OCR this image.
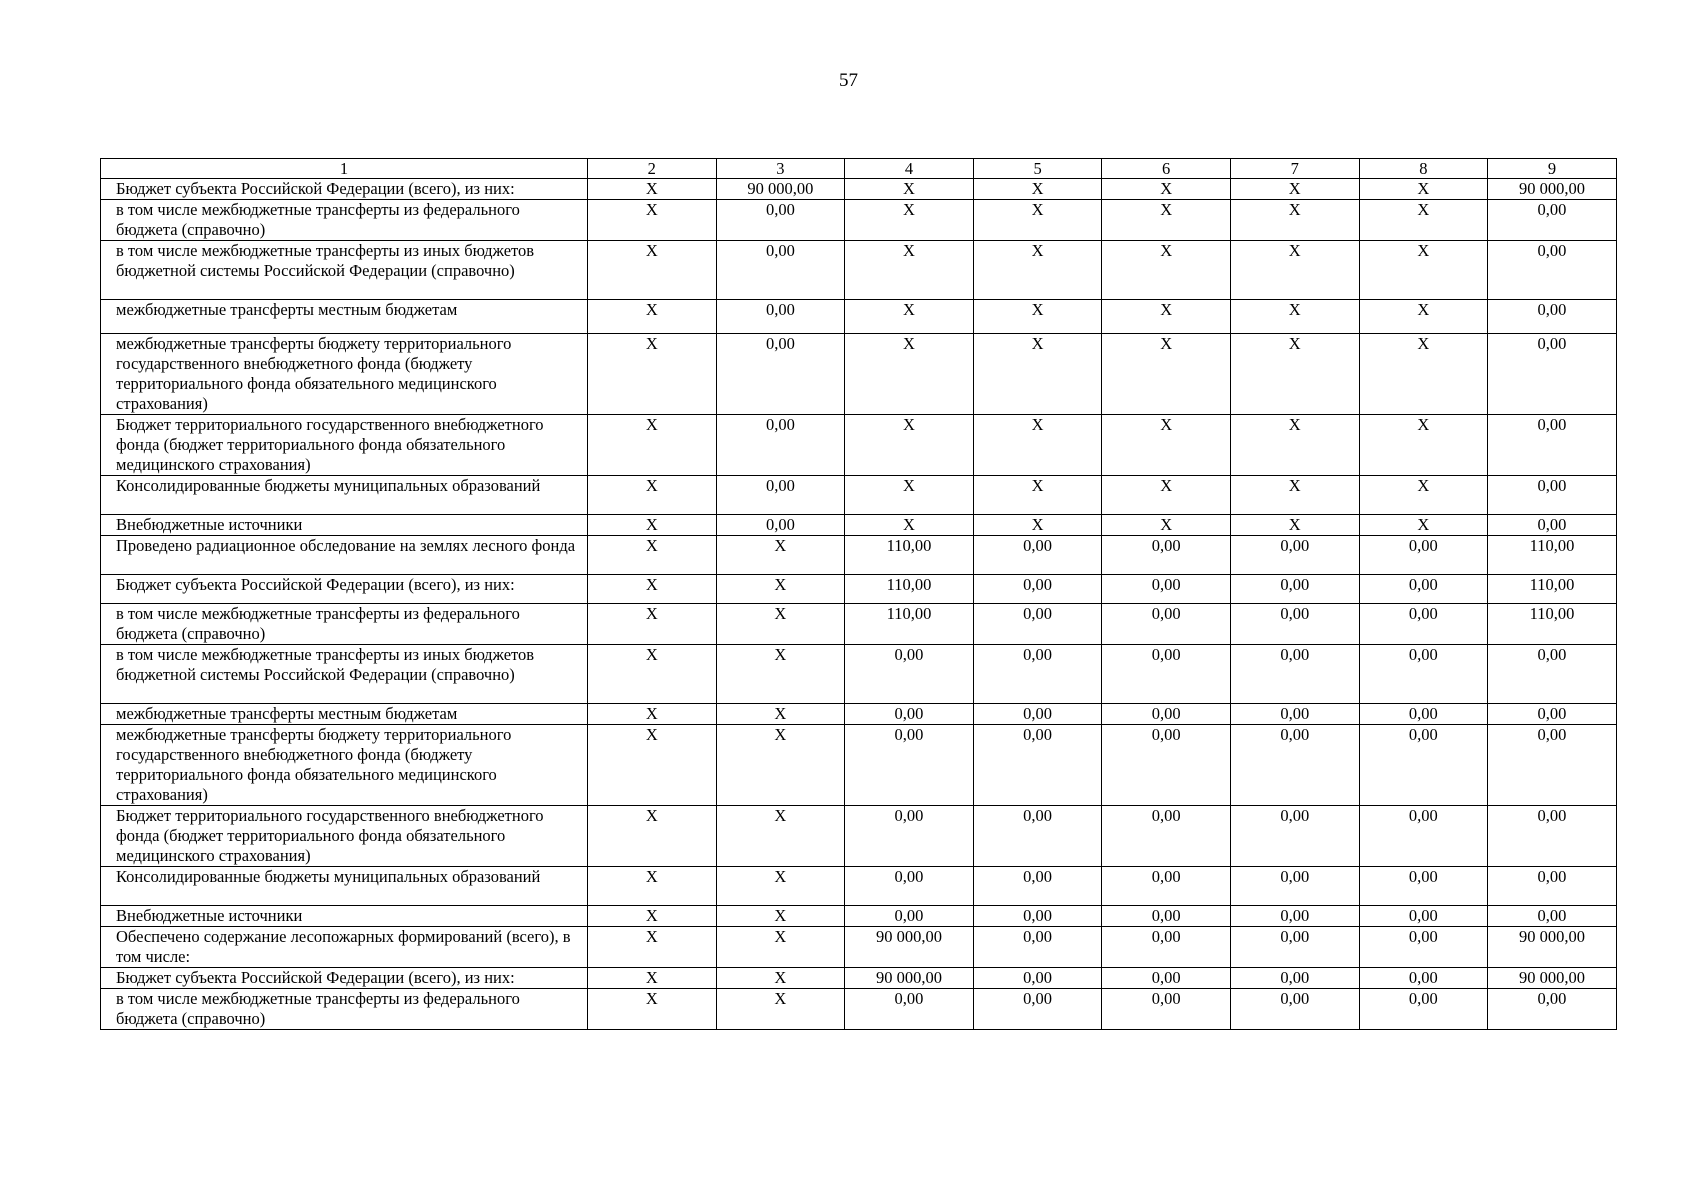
57
1	2	3	4	5	6	7	8	9
Бюджет субъекта Российской Федерации (всего), из них:	X	90 000,00	X	X	X	X	X	90 000,00
в том числе межбюджетные трансферты из федерального бюджета (справочно)	X	0,00	X	X	X	X	X	0,00
в том числе межбюджетные трансферты из иных бюджетов бюджетной системы Российской Федерации (справочно)	X	0,00	X	X	X	X	X	0,00
межбюджетные трансферты местным бюджетам	X	0,00	X	X	X	X	X	0,00
межбюджетные трансферты бюджету территориального государственного внебюджетного фонда (бюджету территориального фонда обязательного медицинского страхования)	X	0,00	X	X	X	X	X	0,00
Бюджет территориального государственного внебюджетного фонда (бюджет территориального фонда обязательного медицинского страхования)	X	0,00	X	X	X	X	X	0,00
Консолидированные бюджеты муниципальных образований	X	0,00	X	X	X	X	X	0,00
Внебюджетные источники	X	0,00	X	X	X	X	X	0,00
Проведено радиационное обследование на землях лесного фонда	X	X	110,00	0,00	0,00	0,00	0,00	110,00
Бюджет субъекта Российской Федерации (всего), из них:	X	X	110,00	0,00	0,00	0,00	0,00	110,00
в том числе межбюджетные трансферты из федерального бюджета (справочно)	X	X	110,00	0,00	0,00	0,00	0,00	110,00
в том числе межбюджетные трансферты из иных бюджетов бюджетной системы Российской Федерации (справочно)	X	X	0,00	0,00	0,00	0,00	0,00	0,00
межбюджетные трансферты местным бюджетам	X	X	0,00	0,00	0,00	0,00	0,00	0,00
межбюджетные трансферты бюджету территориального государственного внебюджетного фонда (бюджету территориального фонда обязательного медицинского страхования)	X	X	0,00	0,00	0,00	0,00	0,00	0,00
Бюджет территориального государственного внебюджетного фонда (бюджет территориального фонда обязательного медицинского страхования)	X	X	0,00	0,00	0,00	0,00	0,00	0,00
Консолидированные бюджеты муниципальных образований	X	X	0,00	0,00	0,00	0,00	0,00	0,00
Внебюджетные источники	X	X	0,00	0,00	0,00	0,00	0,00	0,00
Обеспечено содержание лесопожарных формирований (всего), в том числе:	X	X	90 000,00	0,00	0,00	0,00	0,00	90 000,00
Бюджет субъекта Российской Федерации (всего), из них:	X	X	90 000,00	0,00	0,00	0,00	0,00	90 000,00
в том числе межбюджетные трансферты из федерального бюджета (справочно)	X	X	0,00	0,00	0,00	0,00	0,00	0,00
